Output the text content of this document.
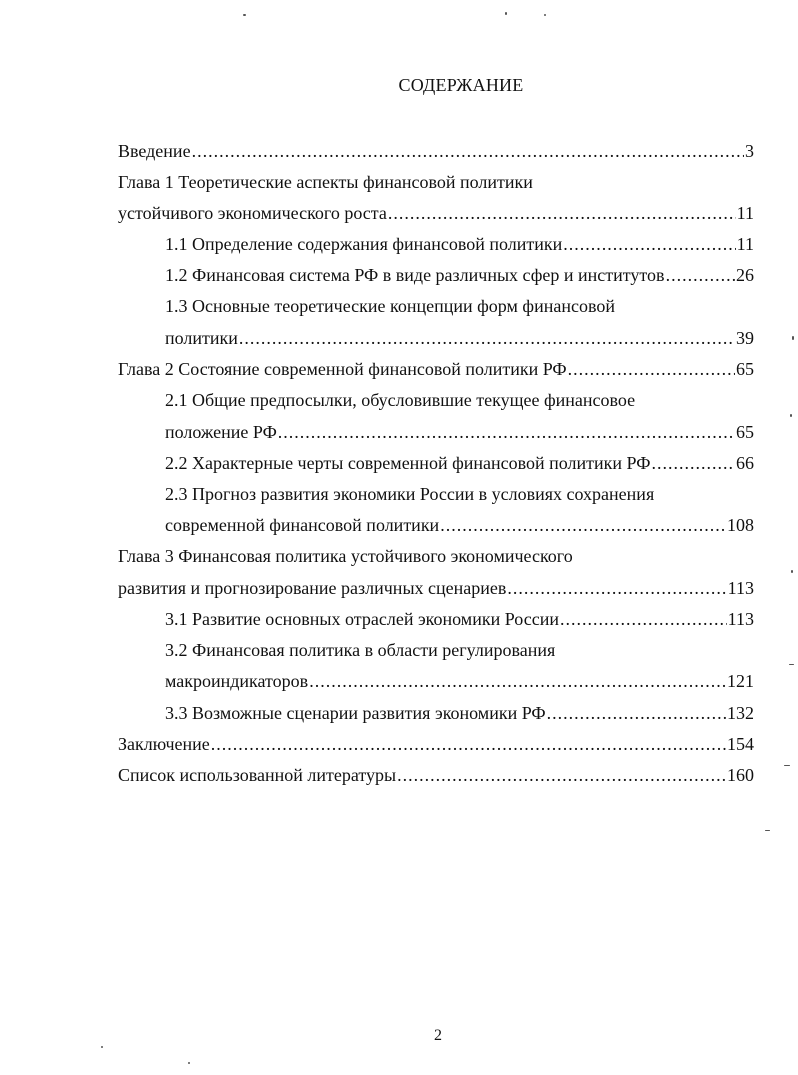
СОДЕРЖАНИЕ
Введение .....	3
Глава 1 Теоретические аспекты финансовой политики
устойчивого экономического роста .....	11
1.1 Определение содержания финансовой политики .....	11
1.2 Финансовая система РФ в виде различных сфер и институтов .....	26
1.3 Основные теоретические концепции форм финансовой
политики .....	39
Глава 2 Состояние современной финансовой политики РФ .....	65
2.1 Общие предпосылки, обусловившие текущее финансовое
положение РФ .....	65
2.2 Характерные черты современной финансовой политики РФ .....	66
2.3 Прогноз развития экономики России в условиях сохранения
современной финансовой политики .....	108
Глава 3 Финансовая политика устойчивого экономического
развития и прогнозирование различных сценариев .....	113
3.1 Развитие основных отраслей экономики России .....	113
3.2 Финансовая политика в области регулирования
макроиндикаторов .....	121
3.3 Возможные сценарии развития экономики РФ .....	132
Заключение .....	154
Список использованной литературы .....	160
2
